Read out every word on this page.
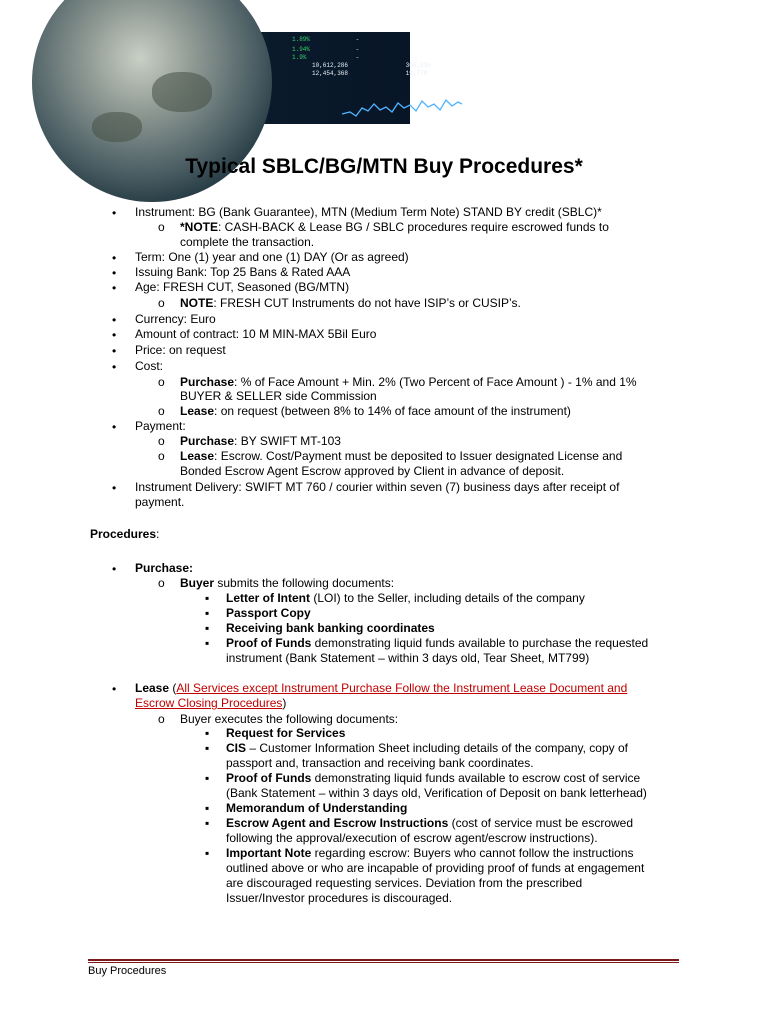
1.89%	-	-
1.94%	-	-
1.9%	-	-
10,612,286	305,036
12,454,368	19.779
Typical SBLC/BG/MTN Buy Procedures*
• Instrument: BG (Bank Guarantee), MTN (Medium Term Note) STAND BY credit (SBLC)*
o *NOTE: CASH-BACK & Lease BG / SBLC procedures require escrowed funds to
complete the transaction.
• Term: One (1) year and one (1) DAY (Or as agreed)
• Issuing Bank: Top 25 Bans & Rated AAA
• Age: FRESH CUT, Seasoned (BG/MTN)
o NOTE: FRESH CUT Instruments do not have ISIP’s or CUSIP’s.
• Currency: Euro
• Amount of contract: 10 M MIN-MAX 5Bil Euro
• Price: on request
• Cost:
o Purchase: % of Face Amount + Min. 2% (Two Percent of Face Amount ) - 1% and 1%
BUYER & SELLER side Commission
o Lease: on request (between 8% to 14% of face amount of the instrument)
• Payment:
o Purchase: BY SWIFT MT-103
o Lease: Escrow. Cost/Payment must be deposited to Issuer designated License and
Bonded Escrow Agent Escrow approved by Client in advance of deposit.
• Instrument Delivery: SWIFT MT 760 / courier within seven (7) business days after receipt of
payment.
Procedures:
• Purchase:
o Buyer submits the following documents:
▪ Letter of Intent (LOI) to the Seller, including details of the company
▪ Passport Copy
▪ Receiving bank banking coordinates
▪ Proof of Funds demonstrating liquid funds available to purchase the requested
instrument (Bank Statement – within 3 days old, Tear Sheet, MT799)
• Lease (All Services except Instrument Purchase Follow the Instrument Lease Document and
Escrow Closing Procedures)
o Buyer executes the following documents:
▪ Request for Services
▪ CIS – Customer Information Sheet including details of the company, copy of
passport and, transaction and receiving bank coordinates.
▪ Proof of Funds demonstrating liquid funds available to escrow cost of service
(Bank Statement – within 3 days old, Verification of Deposit on bank letterhead)
▪ Memorandum of Understanding
▪ Escrow Agent and Escrow Instructions (cost of service must be escrowed
following the approval/execution of escrow agent/escrow instructions).
▪ Important Note regarding escrow: Buyers who cannot follow the instructions
outlined above or who are incapable of providing proof of funds at engagement
are discouraged requesting services. Deviation from the prescribed
Issuer/Investor procedures is discouraged.
Buy Procedures
